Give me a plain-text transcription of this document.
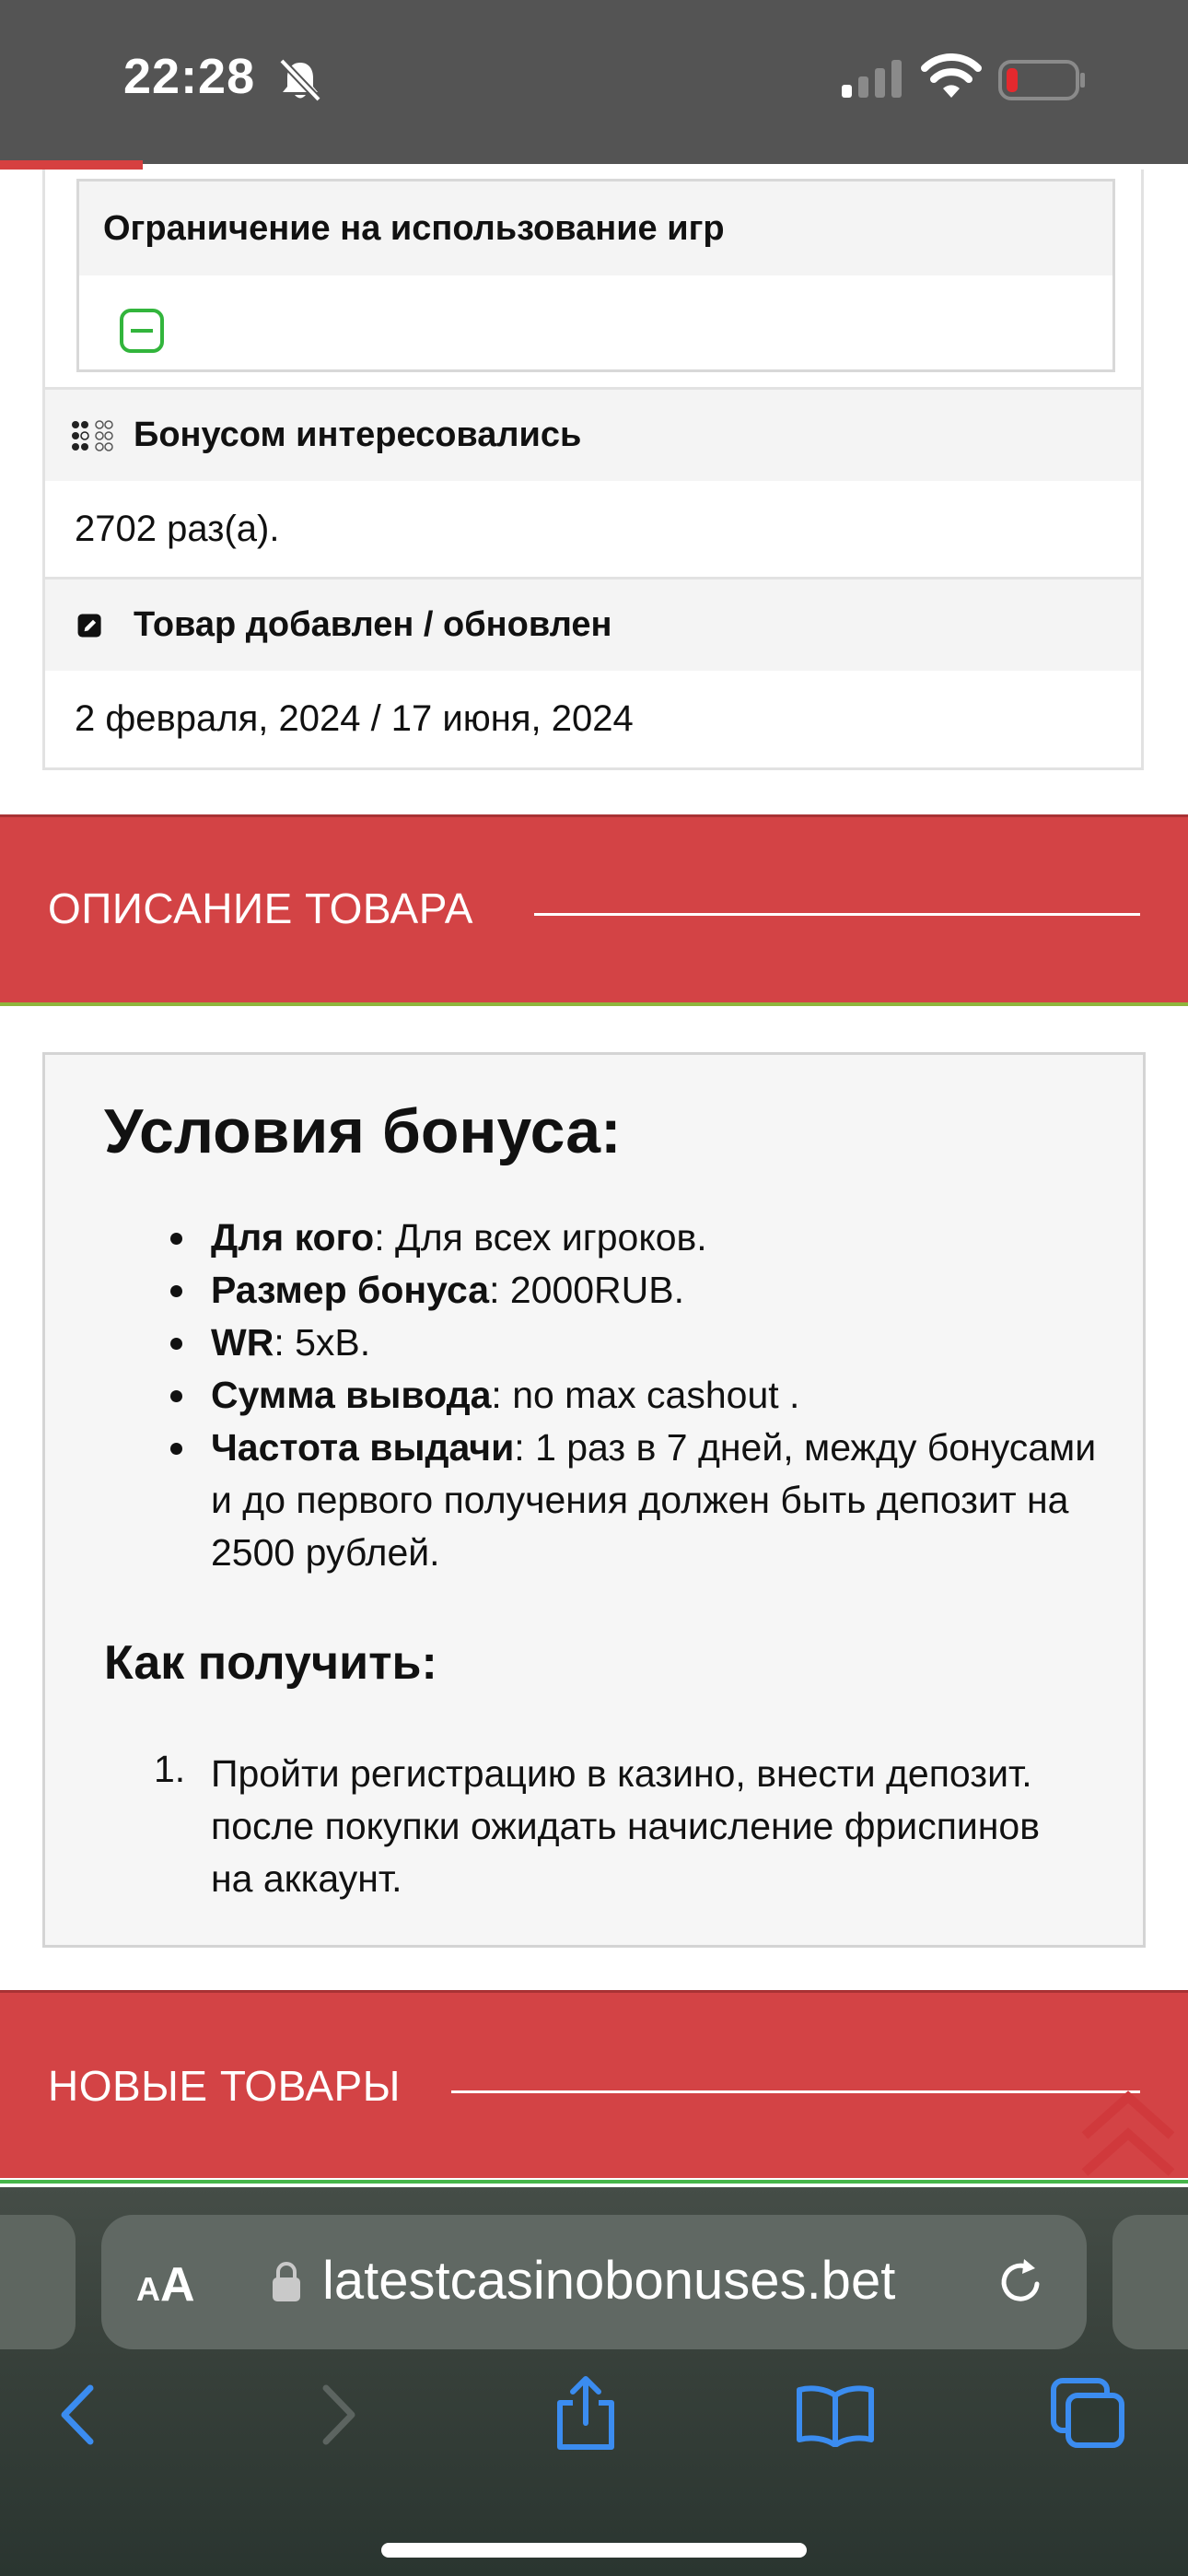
22:28
Ограничение на использование игр
Бонусом интересовались
2702 раз(а).
Товар добавлен / обновлен
2 февраля, 2024 / 17 июня, 2024
ОПИСАНИЕ ТОВАРА
Условия бонуса:
Для кого: Для всех игроков.
Размер бонуса: 2000RUB.
WR: 5хВ.
Сумма вывода: no max cashout .
Частота выдачи: 1 раз в 7 дней, между бонусами и до первого получения должен быть депозит на 2500 рублей.
Как получить:
1. Пройти регистрацию в казино, внести депозит. после покупки ожидать начисление фриспинов на аккаунт.
НОВЫЕ ТОВАРЫ
AA latestcasinobonuses.bet
